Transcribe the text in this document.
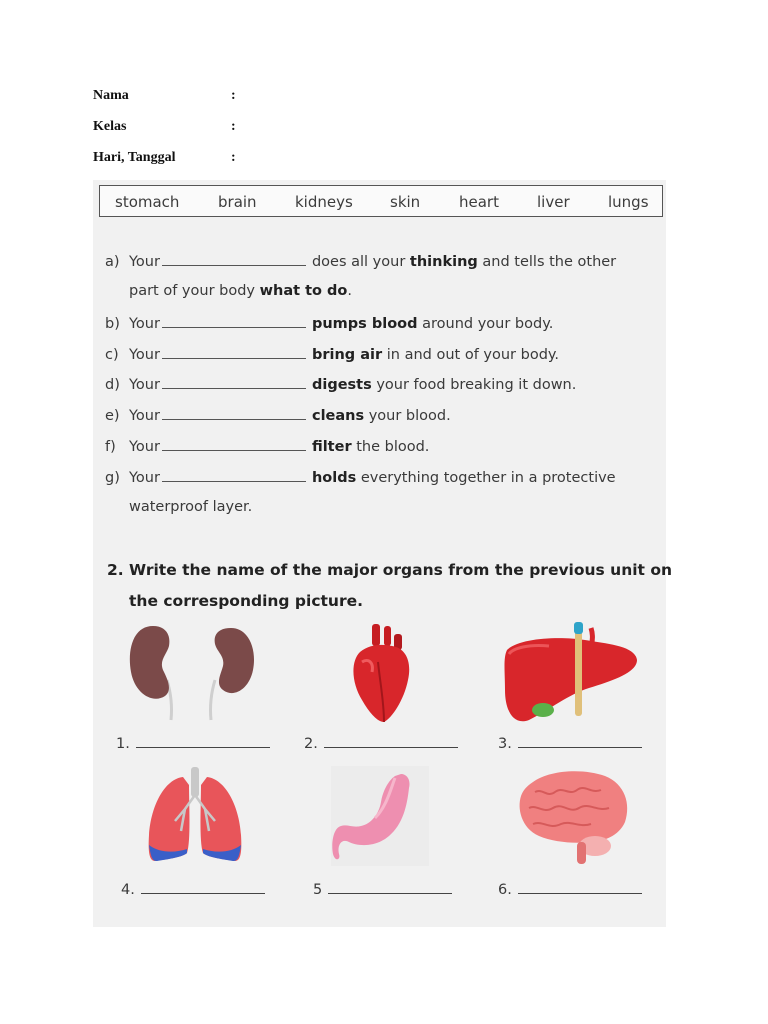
Nama	:
Kelas	:
Hari, Tanggal	:
stomach	brain	kidneys skin	heart	liver	lungs
a) Your	does all your thinking and tells the other
part of your body what to do.
b) Your	pumps blood around your body.
c) Your	bring air in and out of your body.
d) Your	digests your food breaking it down.
e) Your	cleans your blood.
f) Your	filter the blood.
g) Your	holds everything together in a protective
waterproof layer.
2. Write the name of the major organs from the previous unit on
the corresponding picture.
1.	2.	3.
4.	5	6.
